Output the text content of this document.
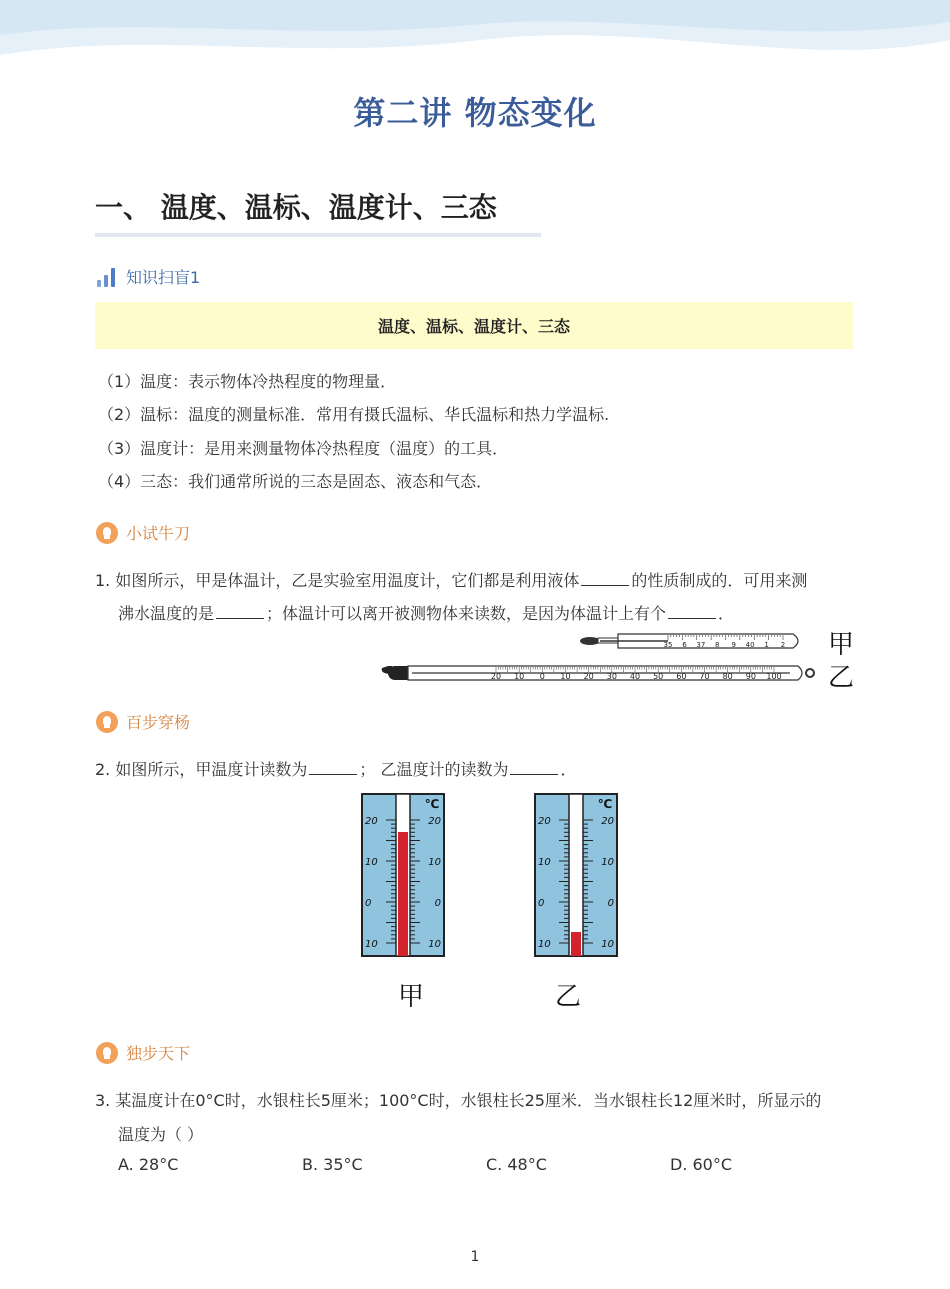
第二讲 物态变化
一、 温度、温标、温度计、三态
知识扫盲1
温度、温标、温度计、三态
（1）温度：表示物体冷热程度的物理量．
（2）温标：温度的测量标准．常用有摄氏温标、华氏温标和热力学温标.
（3）温度计：是用来测量物体冷热程度（温度）的工具．
（4）三态：我们通常所说的三态是固态、液态和气态．
小试牛刀
1. 如图所示，甲是体温计，乙是实验室用温度计，它们都是利用液体	的性质制成的．可用来测
沸水温度的是	；体温计可以离开被测物体来读数，是因为体温计上有个	．
35 6 37 8 9 40 1 2
20 10 0 10 20 30 40 50 60 70 80 90 100
甲
乙
百步穿杨
2. 如图所示，甲温度计读数为	； 乙温度计的读数为	．
20	20
10	10
0	0
10	10
℃
20	20
10	10
0	0
10	10
℃
甲	乙
独步天下
3. 某温度计在0°C时，水银柱长5厘米；100°C时，水银柱长25厘米．当水银柱长12厘米时，所显示的
温度为（ ）
A. 28°C	B. 35°C	C. 48°C	D. 60°C
1
